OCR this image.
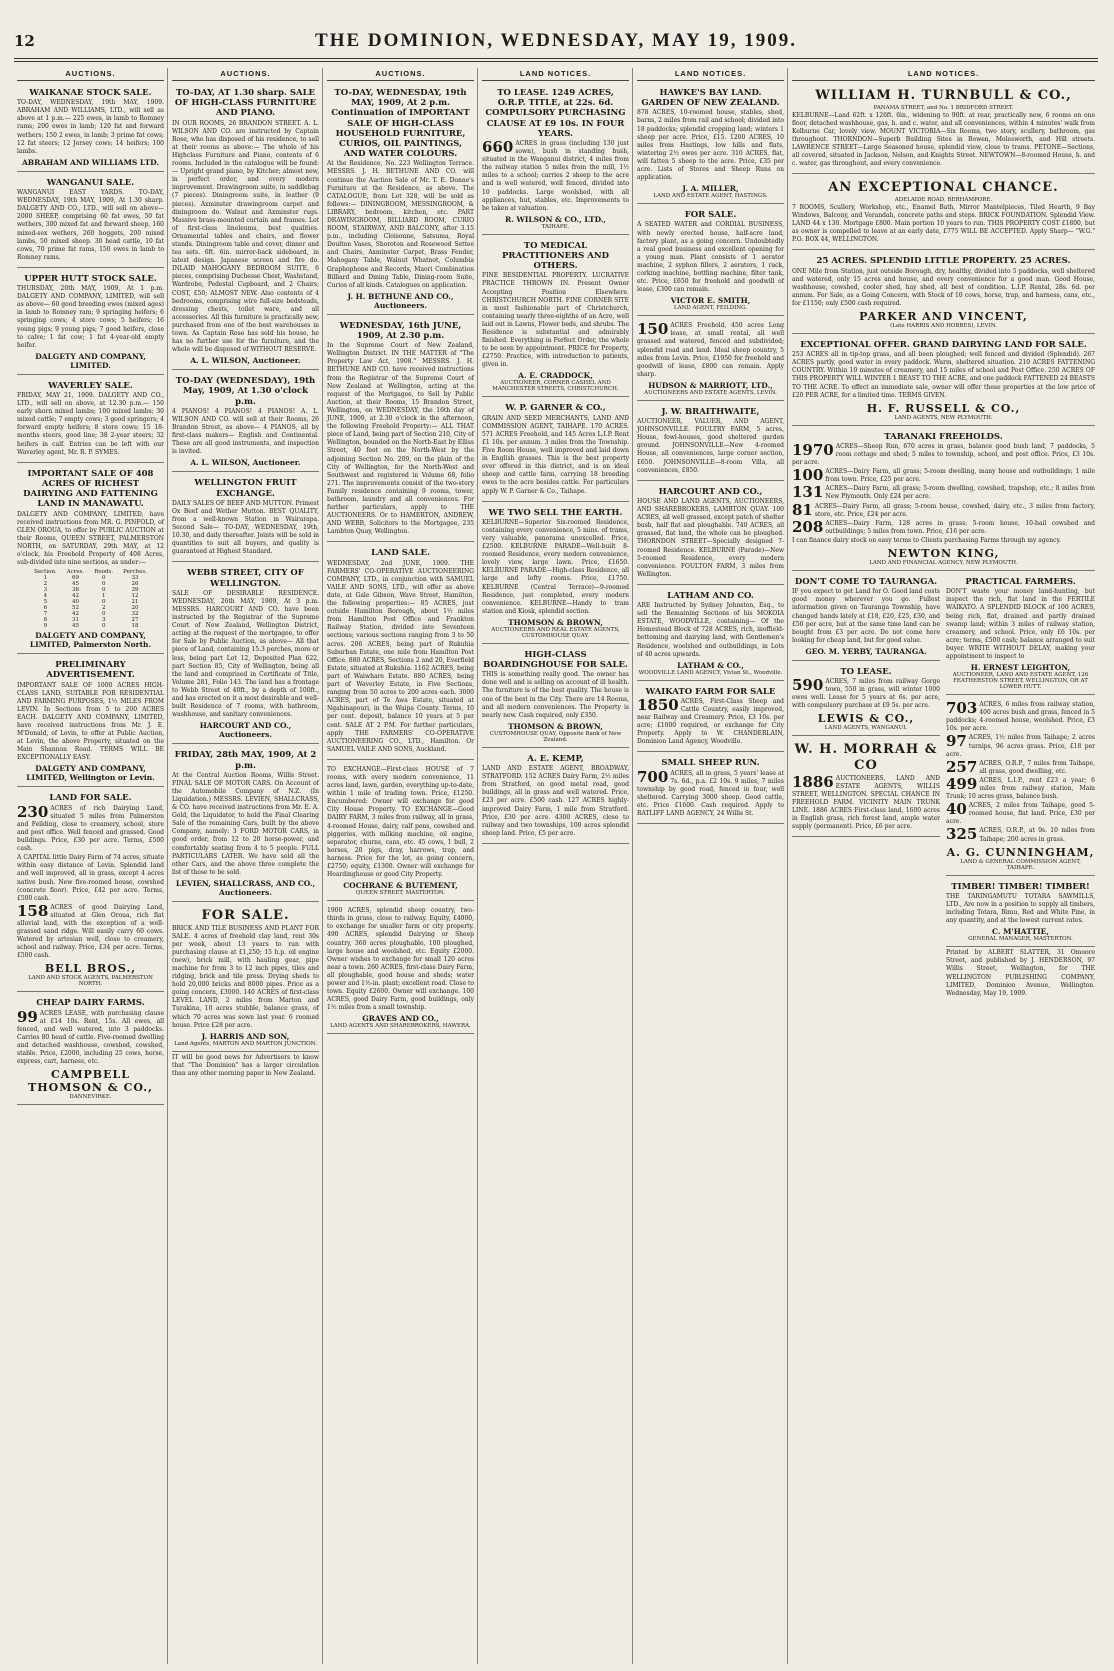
12	THE DOMINION, WEDNESDAY, MAY 19, 1909.
AUCTIONS.
WAIKANAE STOCK SALE.
TO-DAY, WEDNESDAY, 19th MAY, 1909. ABRAHAM AND WILLIAMS, LTD., will sell as above at 1 p.m.— 225 ewes, in lamb to Romney rams; 200 ewes in lamb; 120 fat and forward wethers; 150 2 ewes, in lamb; 3 prime fat cows; 12 fat steers; 12 Jersey cows; 14 heifers; 100 lambs.
ABRAHAM AND WILLIAMS LTD.
WANGANUI SALE.
WANGANUI EAST YARDS. TO-DAY, WEDNESDAY, 19th MAY, 1909, At 1.30 sharp. DALGETY AND CO., LTD., will sell on above— 2000 SHEEP, comprising 60 fat ewes, 50 fat wethers, 300 mixed fat and forward sheep, 160 mixed-sex wethers, 260 hoggets, 200 mixed lambs, 50 mixed sheep. 30 head cattle, 10 fat cows, 70 prime fat rams, 150 ewes in lamb to Romney rams.
UPPER HUTT STOCK SALE.
THURSDAY, 20th MAY, 1909, At 1 p.m. DALGETY AND COMPANY, LIMITED, will sell as above— 60 good breeding ewes (mixed ages) in lamb to Romney ram; 9 springing heifers; 6 springing cows; 4 store cows; 5 heifers; 16 young pigs; 9 young pigs; 7 good heifers, close to calve; 1 fat cow; 1 fat 4-year-old empty heifer.
DALGETY AND COMPANY, LIMITED.
WAVERLEY SALE.
FRIDAY, MAY 21, 1909. DALGETY AND CO., LTD., will sell on above, at 12.30 p.m.— 150 early shorn mixed lambs; 100 mixed lambs; 30 mixed cattle; 7 empty cows; 3 good springers; 4 forward empty heifers; 8 store cows; 15 18-months steers, good line; 38 2-year steers; 32 heifers in calf. Entries can be left with our Waverley agent, Mr. R. P. SYMES.
IMPORTANT SALE OF 408 ACRES OF RICHEST DAIRYING AND FATTENING LAND IN MANAWATU.
DALGETY AND COMPANY, LIMITED, have received instructions from MR. G. PINFOLD, of GLEN OROUA, to offer by PUBLIC AUCTION at their Rooms, QUEEN STREET, PALMERSTON NORTH, on SATURDAY, 29th MAY, at 12 o'clock, his Freehold Property of 408 Acres, sub-divided into nine sections, as under:—
Section.	Acres.	Roods.	Perches.
1	69	0	33
2	45	0	26
3	38	0	39
4	42	1	12
5	40	0	21
6	52	2	20
7	42	0	32
8	31	3	27
9	45	0	18
DALGETY AND COMPANY, LIMITED, Palmerston North.
PRELIMINARY ADVERTISEMENT.
IMPORTANT SALE OF 1000 ACRES HIGH-CLASS LAND, SUITABLE FOR RESIDENTIAL AND FARMING PURPOSES, 1½ MILES FROM LEVIN. In Sections from 5 to 200 ACRES EACH. DALGETY AND COMPANY, LIMITED, have received instructions from Mr. J. E. M'Donald, of Levin, to offer at Public Auction, at Levin, the above Property, situated on the Main Shannon Road. TERMS WILL BE EXCEPTIONALLY EASY.
DALGETY AND COMPANY, LIMITED, Wellington or Levin.
LAND FOR SALE.
230 ACRES of rich Dairying Land, situated 5 miles from Palmerston and Feilding, close to creamery, school, store and post office. Well fenced and grassed. Good buildings. Price, £30 per acre. Terms, £500 cash.
A CAPITAL little Dairy Farm of 74 acres, situate within easy distance of Levin. Splendid land and well improved, all in grass, except 4 acres native bush. New five-roomed house, cowshed (concrete floor). Price, £42 per acre. Terms, £500 cash.
158 ACRES of good Dairying Land, situated at Glen Oroua, rich flat alluvial land, with the exception of a well-grassed sand ridge. Will easily carry 60 cows. Watered by artesian well, close to creamery, school and railway. Price, £34 per acre. Terms, £500 cash.
BELL BROS.,
LAND AND STOCK AGENTS, PALMERSTON NORTH.
CHEAP DAIRY FARMS.
99 ACRES LEASE, with purchasing clause at £14 10s. Rent, 15s. All ewes, all fenced, and well watered, into 3 paddocks. Carries 80 head of cattle. Five-roomed dwelling and detached washhouse, cowshed, cowshed, stable. Price, £2000, including 25 cows, horse, express, cart, harness, etc.
CAMPBELL THOMSON & CO.,
DANNEVIRKE.
AUCTIONS.
TO-DAY, AT 1.30 sharp. SALE OF HIGH-CLASS FURNITURE AND PIANO.
IN OUR ROOMS, 26 BRANDON STREET. A. L. WILSON AND CO. are instructed by Captain Rose, who has disposed of his residence, to sell at their rooms as above:— The whole of his Highclass Furniture and Piano, contents of 6 rooms. Included in the catalogue will be found:— Upright grand piano, by Kitcher; almost new, in perfect order, and every modern improvement. Drawingroom suite, in saddlebag (7 pieces). Diningroom suite, in leather (9 pieces). Axminster drawingroom carpet and diningroom do. Walnut and Axminster rugs. Massive brass-mounted curtain and frames. Lot of first-class linoleums, best qualities. Ornamental tables and chairs, and flower stands. Diningroom table and cover, dinner and tea sets. 6ft. 6in. mirror-back sideboard, in latest design. Japanese screen and fire do. INLAID MAHOGANY BEDROOM SUITE, 6 pieces, comprising Duchesse Chest, Washstand, Wardrobe, Pedestal Cupboard, and 2 Chairs; COST, £50; ALMOST NEW. Also contents of 4 bedrooms, comprising wire full-size bedsteads, dressing chests, toilet ware, and all accessories. All this furniture is practically new, purchased from one of the best warehouses in town. As Captain Rose has sold his house, he has no further use for the furniture, and the whole will be disposed of WITHOUT RESERVE.
A. L. WILSON, Auctioneer.
TO-DAY (WEDNESDAY), 19th May, 1909, At 1.30 o'clock p.m.
4 PIANOS! 4 PIANOS! 4 PIANOS! A. L. WILSON AND CO. will sell at their Rooms, 26 Brandon Street, as above— 4 PIANOS, all by first-class makers— English and Continental. These are all good instruments, and inspection is invited.
A. L. WILSON, Auctioneer.
WELLINGTON FRUIT EXCHANGE.
DAILY SALES OF BEEF AND MUTTON. Primest Ox Beef and Wether Mutton. BEST QUALITY, from a well-known Station in Wairarapa. Second Sale— TO-DAY, WEDNESDAY, 19th, 10.30, and daily thereafter. Joints will be sold in quantities to suit all buyers, and quality is guaranteed at Highest Standard.
WEBB STREET, CITY OF WELLINGTON.
SALE OF DESIRABLE RESIDENCE. WEDNESDAY, 26th MAY, 1909, At 3 p.m. MESSRS. HARCOURT AND CO. have been instructed by the Registrar of the Supreme Court of New Zealand, Wellington District, acting at the request of the mortgagee, to offer for Sale by Public Auction, as above— All that piece of Land, containing 15.3 perches, more or less, being part Lot 12, Deposited Plan 622, part Section 85, City of Wellington, being all the land and comprised in Certificate of Title, Volume 281, Folio 143. The land has a frontage to Webb Street of 40ft., by a depth of 100ft., and has erected on it a most desirable and well-built Residence of 7 rooms, with bathroom, washhouse, and sanitary conveniences.
HARCOURT AND CO., Auctioneers.
FRIDAY, 28th MAY, 1909, At 2 p.m.
At the Central Auction Rooms, Willis Street. FINAL SALE OF MOTOR CARS. On Account of the Automobile Company of N.Z. (In Liquidation.) MESSRS. LEVIEN, SHALLCRASS, & CO. have received instructions from Mr. E. A. Gold, the Liquidator, to hold the Final Clearing Sale of the remaining Cars, built by the above Company, namely: 3 FORD MOTOR CARS, in good order, from 12 to 20 horse-power, and comfortably seating from 4 to 5 people. FULL PARTICULARS LATER. We have sold all the other Cars, and the above three complete the list of those to be sold.
LEVIEN, SHALLCRASS, AND CO., Auctioneers.
FOR SALE.
BRICK AND TILE BUSINESS AND PLANT FOR SALE. 4 acres of freehold clay land, rent 30s per week, about 13 years to run with purchasing clause at £1,250; 15 h.p. oil engine (new), brick mill, with hauling gear, pipe machine for from 3 to 12 inch pipes, tiles and ridging, brick and tile press. Drying sheds to hold 20,000 bricks and 8000 pipes. Price as a going concern, £3000. 140 ACRES of first-class LEVEL LAND, 2 miles from Marton and Turakina, 10 acres stubble, balance grass, of which 70 acres was sown last year. 6 roomed house. Price £28 per acre.
J. HARRIS AND SON,
Land Agents, MARTON AND MARTON JUNCTION.
IT will be good news for Advertisers to know that "The Dominion" has a larger circulation than any other morning paper in New Zealand.
AUCTIONS.
TO-DAY, WEDNESDAY, 19th MAY, 1909, At 2 p.m. Continuation of IMPORTANT SALE OF HIGH-CLASS HOUSEHOLD FURNITURE, CURIOS, OIL PAINTINGS, AND WATER COLOURS.
At the Residence, No. 223 Wellington Terrace. MESSRS. J. H. BETHUNE AND CO. will continue the Auction Sale of Mr. T. E. Donne's Furniture at the Residence, as above. The CATALOGUE, from Lot 328, will be sold as follows:— DININGROOM, MESSINGROOM, & LIBRARY, bedroom, kitchen, etc. PART DRAWINGROOM, BILLIARD ROOM, CURIO ROOM, STAIRWAY, AND BALCONY, after 3.15 p.m., including Cloisonne, Satsuma, Royal Doulton Vases, Shoroton and Rosewood Settee and Chairs, Axminster Carpet, Brass Fender, Mahogany Table, Walnut Whatnot, Columbia Graphophone and Records, Maori Combination Billiard and Dining Table, Dining-room Suite, Curios of all kinds. Catalogues on application.
J. H. BETHUNE AND CO., Auctioneers.
WEDNESDAY, 16th JUNE, 1909, At 2.30 p.m.
In the Supreme Court of New Zealand, Wellington District. IN THE MATTER of "The Property Law Act, 1908." MESSRS. J. H. BETHUNE AND CO. have received instructions from the Registrar of the Supreme Court of New Zealand at Wellington, acting at the request of the Mortgagee, to Sell by Public Auction, at their Rooms, 15 Brandon Street, Wellington, on WEDNESDAY, the 16th day of JUNE, 1909, at 2.30 o'clock in the afternoon, the following Freehold Property:— ALL THAT piece of Land, being part of Section 210, City of Wellington, bounded on the North-East by Elliss Street, 40 feet on the North-West by the adjoining Section No. 209, on the plain of the City of Wellington, for the North-West and Southwest and registered in Volume 68, folio 271. The improvements consist of the two-story Family residence containing 9 rooms, tower, bathroom, laundry and all conveniences. For further particulars, apply to THE AUCTIONEERS. Or to HAMERTON, ANDREW, AND WEBB, Solicitors to the Mortgagee, 235 Lambton Quay, Wellington.
LAND SALE.
WEDNESDAY, 2nd JUNE, 1909. THE FARMERS' CO-OPERATIVE AUCTIONEERING COMPANY, LTD., in conjunction with SAMUEL VAILE AND SONS, LTD., will offer as above date, at Gale Gibson, Wave Street, Hamilton, the following properties:— 85 ACRES, just outside Hamilton Borough, about 1½ miles from Hamilton Post Office and Frankton Railway Station, divided into Seventeen sections; various sections ranging from 3 to 50 acres. 206 ACRES, being part of Rukuhia Suburban Estate, one mile from Hamilton Post Office. 880 ACRES, Sections 2 and 20, Everfield Estate, situated at Rukuhia. 1162 ACRES, being part of Waiwhare Estate. 880 ACRES, being part of Waverley Estate, in Five Sections, ranging from 50 acres to 200 acres each. 3000 ACRES, part of Te Awa Estate, situated at Ngahinapouri, in the Waipa County. Terms, 10 per cent. deposit, balance 10 years at 5 per cent. SALE AT 2 P.M. For further particulars, apply THE FARMERS' CO-OPERATIVE AUCTIONEERING CO., LTD., Hamilton. Or SAMUEL VAILE AND SONS, Auckland.
TO EXCHANGE—First-class HOUSE of 7 rooms, with every modern convenience, 11 acres land, lawn, garden, everything up-to-date, within 1 mile of trading town. Price, £1250. Encumbered: Owner will exchange for good City House Property. TO EXCHANGE—Good DAIRY FARM, 3 miles from railway, all in grass, 4-roomed House, dairy, calf pens, cowshed and piggeries, with milking machine, oil engine, separator, churns, cans, etc. 45 cows, 1 bull, 2 horses, 20 pigs, dray, harrows, trap, and harness. Price for the lot, as going concern, £2750; equity, £1300. Owner will exchange for Hoardinghouse or good City Property.
COCHRANE & BUTEMENT,
QUEEN STREET, MASTERTON.
1900 ACRES, splendid sheep country, two-thirds in grass, close to railway. Equity, £4000, to exchange for smaller farm or city property. 490 ACRES, splendid Dairying or Sheep country, 360 acres ploughable, 100 ploughed, large house and woolshed, etc. Equity £2000. Owner wishes to exchange for small 120 acres near a town. 260 ACRES, first-class Dairy Farm, all ploughable, good house and sheds; water power and 1½-in. plant; excellent road. Close to town. Equity £2600. Owner will exchange. 100 ACRES, good Dairy Farm, good buildings, only 1½ miles from a small township.
GRAVES AND CO.,
LAND AGENTS AND SHAREBROKERS, HAWERA.
LAND NOTICES.
TO LEASE. 1249 ACRES, O.R.P. TITLE, at 22s. 6d. COMPULSORY PURCHASING CLAUSE AT £9 10s. IN FOUR YEARS.
660 ACRES in grass (including 130 just sown), bush in standing bush, situated in the Wanganui district, 4 miles from the railway station 5 miles from the mill, 1½ miles to a school; carries 2 sheep to the acre and is well watered, well fenced, divided into 10 paddocks. Large woolshed, with all appliances, hut, stables, etc. Improvements to be taken at valuation.
R. WILSON & CO., LTD.,
TAIHAPE.
TO MEDICAL PRACTITIONERS AND OTHERS.
FINE RESIDENTIAL PROPERTY. LUCRATIVE PRACTICE THROWN IN. Present Owner Accepting Position Elsewhere. CHRISTCHURCH NORTH. FINE CORNER SITE in most fashionable part of Christchurch, containing nearly three-eighths of an Acre, well laid out in Lawns, Flower beds, and shrubs. The Residence is substantial and admirably finished. Everything in Perfect Order, the whole to be seen by appointment. PRICE for Property, £2750. Practice, with introduction to patients, given in.
A. E. CRADDOCK,
AUCTIONEER, CORNER CASHEL AND MANCHESTER STREETS, CHRISTCHURCH.
W. P. GARNER & CO.,
GRAIN AND SEED MERCHANTS, LAND AND COMMISSION AGENT, TAIHAPE. 170 ACRES. 571 ACRES Freehold, and 145 Acres L.I.P. Rent £1 10s. per annum. 3 miles from the Township. Five Room House, well improved and laid down in English grasses. This is the best property ever offered in this district, and is an ideal sheep and cattle farm, carrying 18 breeding ewes to the acre besides cattle. For particulars apply W. P. Garner & Co., Taihape.
WE TWO SELL THE EARTH.
KELBURNE—Superior Six-roomed Residence, containing every convenience, 5 mins. of trams, very valuable, panorama unexcelled. Price, £2500. KELBURNE PARADE—Well-built 8-roomed Residence, every modern convenience, lovely view, large lawn. Price, £1650. KELBURNE PARADE—High-class Residence, all large and lofty rooms. Price, £1750. KELBURNE (Central Terrace)—9-roomed Residence, just completed, every modern convenience. KELBURNE—Handy to tram station and Kiosk, splendid section.
THOMSON & BROWN,
AUCTIONEERS AND REAL ESTATE AGENTS, CUSTOMHOUSE QUAY.
HIGH-CLASS BOARDINGHOUSE FOR SALE.
THIS is something really good. The owner has done well and is selling on account of ill health. The furniture is of the best quality. The house is one of the best in the City. There are 14 Rooms, and all modern conveniences. The Property is nearly new. Cash required, only £350.
THOMSON & BROWN,
CUSTOMHOUSE QUAY, Opposite Bank of New Zealand.
A. E. KEMP,
LAND AND ESTATE AGENT, BROADWAY, STRATFORD. 152 ACRES Dairy Farm, 2½ miles from Stratford, on good metal road, good buildings, all in grass and well watered. Price, £23 per acre. £500 cash. 127 ACRES highly-improved Dairy Farm, 1 mile from Stratford. Price, £30 per acre. 4300 ACRES, close to railway and two townships, 100 acres splendid sheep land. Price, £5 per acre.
LAND NOTICES.
HAWKE'S BAY LAND. GARDEN OF NEW ZEALAND.
878 ACRES, 10-roomed house, stables, shed, barns, 2 miles from rail and school; divided into 18 paddocks; splendid cropping land; winters 1 sheep per acre. Price, £15. 1200 ACRES, 10 miles from Hastings, low hills and flats, wintering 2½ ewes per acre. 310 ACRES, flat, will fatten 5 sheep to the acre. Price, £35 per acre. Lists of Stores and Sheep Runs on application.
J. A. MILLER,
LAND AND ESTATE AGENT, HASTINGS.
FOR SALE.
A SEATED WATER and CORDIAL BUSINESS, with newly erected house, half-acre land, factory plant, as a going concern. Undoubtedly a real good business and excellent opening for a young man. Plant consists of 1 aerator machine, 2 syphon fillers, 2 aerators, 1 rack, corking machine, bottling machine, filter tank, etc. Price, £650 for freehold and goodwill of lease, £300 can remain.
VICTOR E. SMITH,
LAND AGENT, FEILDING.
150 ACRES Freehold, 450 acres Long lease, at small rental, all well grassed and watered, fenced and subdivided; splendid road and land. Ideal sheep country, 5 miles from Levin. Price, £1950 for freehold and goodwill of lease, £800 can remain. Apply sharp.
HUDSON & MARRIOTT, LTD.,
AUCTIONEERS AND ESTATE AGENTS, LEVIN.
J. W. BRAITHWAITE,
AUCTIONEER, VALUER, AND AGENT, JOHNSONVILLE. POULTRY FARM, 5 acres, House, fowl-houses, good sheltered garden ground. JOHNSONVILLE—New 4-roomed House, all conveniences, large corner section, £650. JOHNSONVILLE—8-room Villa, all conveniences, £850.
HARCOURT AND CO.,
HOUSE AND LAND AGENTS, AUCTIONEERS, AND SHAREBROKERS, LAMBTON QUAY. 100 ACRES, all well grassed, except patch of shelter bush, half flat and ploughable. 740 ACRES, all grassed, flat land, the whole can be ploughed. THORNDON STREET—Specially designed 7-roomed Residence. KELBURNE (Parade)—New 5-roomed Residence, every modern convenience. FOULTON FARM, 3 miles from Wellington.
LATHAM AND CO.
ARE Instructed by Sydney Johnston, Esq., to sell the Remaining Sections of his MOKOIA ESTATE, WOODVILLE, containing— Of the Homestead Block of 728 ACRES, rich, inoffield-bottoming and dairying land, with Gentlemen's Residence, woolshed and outbuildings, in Lots of 40 acres upwards.
LATHAM & CO.,
WOODVILLE LAND AGENCY, Vivian St., Woodville.
WAIKATO FARM FOR SALE
1850 ACRES, First-Class Sheep and Cattle Country, easily improved, near Railway and Creamery. Price, £3 10s. per acre; £1000 required, or exchange for City Property. Apply to W. CHANDERLAIN, Dominion Land Agency, Woodville.
SMALL SHEEP RUN.
700 ACRES, all in grass, 5 years' lease at 7s. 6d., p.a. £2 10s. 9 miles, 7 miles township by good road, fenced in four, well sheltered. Carrying 3000 sheep. Good cattle, etc. Price £1600. Cash required. Apply to RATLIFF LAND AGENCY, 24 Willis St.
LAND NOTICES.
WILLIAM H. TURNBULL & CO.,
PANAMA STREET, and No. 1 BRIDFORD STREET.
KELBURNE—Land 62ft. x 126ft. 6in., widening to 90ft. at rear, practically new, 6 rooms on one floor, detached washhouse, gas, h. and c. water, and all conveniences, within 4 minutes' walk from Kelburne Car, lovely view. MOUNT VICTORIA—Six Rooms, two story, scullery, bathroom, gas throughout. THORNDON—Superb Building Sites in Bowen, Molesworth, and Hill streets. LAWRENCE STREET—Large Seasoned house, splendid view, close to trams. PETONE—Sections, all covered, situated in Jackson, Nelson, and Knights Street. NEWTOWN—8-roomed House, h. and c. water, gas throughout, and every convenience.
AN EXCEPTIONAL CHANCE.
ADELAIDE ROAD, BERHAMPORE.
7 ROOMS, Scullery, Workshop, etc., Enamel Bath, Mirror Mantelpieces, Tiled Hearth, 9 Bay Windows, Balcony, and Verandah, concrete paths and steps. BRICK FOUNDATION. Splendid View. LAND 44 x 130. Mortgage £800. Main portion 10 years to run. THIS PROPERTY COST £1800, but as owner is compelled to leave at an early date, £775 WILL BE ACCEPTED. Apply Sharp— "W.G." P.O. BOX 44, WELLINGTON.
25 ACRES. SPLENDID LITTLE PROPERTY. 25 ACRES.
ONE Mile from Station, just outside Borough, dry, healthy, divided into 5 paddocks, well sheltered and watered, only 15 acres and house, and every convenience for a good man. Good House, washhouse, cowshed, cooler shed, hay shed, all best of condition. L.I.P. Rental, 28s. 6d. per annum. For Sale, as a Going Concern, with Stock of 10 cows, horse, trap, and harness, cans, etc., for £1150; only £500 cash required.
PARKER AND VINCENT,
(Late HARRIS AND HOBBES), LEVIN.
EXCEPTIONAL OFFER. GRAND DAIRYING LAND FOR SALE.
253 ACRES all in tip-top grass, and all been ploughed; well fenced and divided (Splendid). 267 ACRES partly, good water in every paddock. Warm, sheltered situation. 210 ACRES FATTENING COUNTRY. Within 10 minutes of creamery, and 15 miles of school and Post Office. 250 ACRES OF THIS PROPERTY WILL WINTER 1 BEAST TO THE ACRE, and one paddock FATTENED 24 BEASTS TO THE ACRE. To effect an immediate sale, owner will offer these properties at the low price of £20 PER ACRE, for a limited time. TERMS GIVEN.
H. F. RUSSELL & CO.,
LAND AGENTS, NEW PLYMOUTH.
TARANAKI FREEHOLDS.
1970 ACRES—Sheep Run, 670 acres in grass, balance good bush land, 7 paddocks, 5 room cottage and shed; 5 miles to township, school, and post office. Price, £3 10s. per acre.
100 ACRES—Dairy Farm, all grass; 5-room dwelling, many house and outbuildings; 1 mile from town. Price, £25 per acre.
131 ACRES—Dairy Farm, all grass; 5-room dwelling, cowshed, trapshop, etc.; 8 miles from New Plymouth. Only £24 per acre.
81 ACRES—Dairy Farm, all grass; 5-room house, cowshed, dairy, etc., 3 miles from factory, store, etc. Price, £24 per acre.
208 ACRES—Dairy Farm, 128 acres in grass; 5-room house, 10-bail cowshed and outbuildings; 5 miles from town. Price, £16 per acre.
I can finance dairy stock on easy terms to Clients purchasing Farms through my agency.
NEWTON KING,
LAND AND FINANCIAL AGENCY, NEW PLYMOUTH.
DON'T COME TO TAURANGA.
IF you expect to get Land for O. Good land costs good money wherever you go. Fullest information given on Tauranga Township, have changed hands lately at £18, £20, £25, £30, and £50 per acre, but at the same time land can be bought from £3 per acre. Do not come here looking for cheap land, but for good value.
GEO. M. YERBY, TAURANGA.
TO LEASE.
590 ACRES, 7 miles from railway Gorge town, 550 in grass, will winter 1000 ewes well. Lease for 5 years at 6s. per acre, with compulsory purchase at £9 5s. per acre.
LEWIS & CO.,
LAND AGENTS, WANGANUI.
W. H. MORRAH & CO
1886 AUCTIONEERS, LAND AND ESTATE AGENTS, WILLIS STREET, WELLINGTON. SPECIAL CHANCE IN FREEHOLD FARM. VICINITY MAIN TRUNK LINE. 1886 ACRES First-class land, 1600 acres in English grass, rich forest land, ample water supply (permanent). Price, £6 per acre.
PRACTICAL FARMERS.
DON'T waste your money land-hunting, but inspect the rich, flat land in the FERTILE WAIKATO. A SPLENDID BLOCK of 100 ACRES, being rich, flat, drained and partly drained swamp land; within 3 miles of railway station, creamery, and school. Price, only £6 10s. per acre; terms, £500 cash; balance arranged to suit buyer. WRITE WITHOUT DELAY, making your appointment to inspect to
H. ERNEST LEIGHTON,
AUCTIONEER, LAND AND ESTATE AGENT, 126 FEATHERSTON STREET, WELLINGTON, OR AT LOWER HUTT.
703 ACRES, 6 miles from railway station, 400 acres bush and grass, fenced in 5 paddocks; 4-roomed house, woolshed. Price, £3 10s. per acre.
97 ACRES, 1½ miles from Taihape; 2 acres turnips, 96 acres grass. Price, £18 per acre.
257 ACRES, O.R.P., 7 miles from Taihape, all grass, good dwelling, etc.
499 ACRES, L.I.P., rent £23 a year; 6 miles from railway station, Main Trunk; 10 acres grass, balance bush.
40 ACRES, 2 miles from Taihape, good 5-roomed house, flat land. Price, £30 per acre.
325 ACRES, O.R.P., at 9s. 10 miles from Taihape; 200 acres in grass.
A. G. CUNNINGHAM,
LAND & GENERAL COMMISSION AGENT, TAIHAPE.
TIMBER! TIMBER! TIMBER!
THE TARINGAMUTU TOTARA SAWMILLS, LTD., Are now in a position to supply all timbers, including Totara, Rimu, Red and White Pine, in any quantity, and at the lowest current rates.
C. M'HATTIE,
GENERAL MANAGER, MASTERTON.
Printed by ALBERT SLATTER, 31 Omoore Street, and published by J. HENDERSON, 97 Willis Street, Wellington, for THE WELLINGTON PUBLISHING COMPANY, LIMITED, Dominion Avenue, Wellington. Wednesday, May 19, 1909.
